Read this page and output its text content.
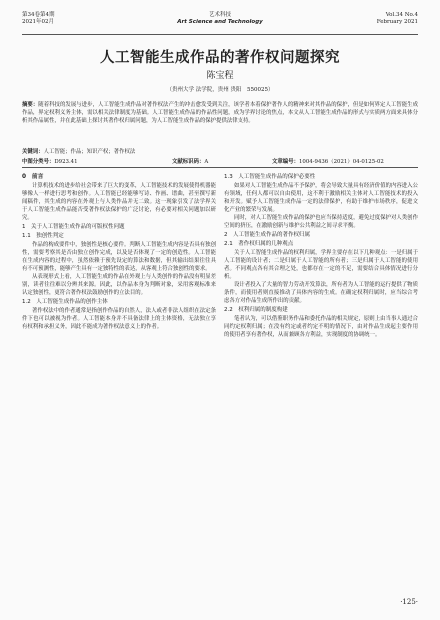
第34卷第4期
2021年02月
艺术科技
Art Science and Technology
Vol.34 No.4
February 2021
人工智能生成作品的著作权问题探究
陈宝程
（贵州大学 法学院，贵州 贵阳　550025）
摘要：随着科技的发展与进步，人工智能生成作品对著作权法产生的冲击愈发受到关注，该学者本着保护著作人的精神来对其作品的保护，但是如何界定人工智能生成作品，界定权利义务主体，需以相关法律制度为基础。人工智能生成作品的作品性问题，成为学界讨论的焦点，本文从人工智能生成作品的形式与实质两方面来具体分析其作品属性，并在此基础上探讨其著作权归属问题，为人工智能生成作品的保护提供法律支持。
关键词：人工智能；作品；知识产权；著作权法
中图分类号：D923.41	文献标识码：A	文章编号：1004-9436（2021）04-0125-02
0　前言

计算机技术的进步给社会带来了巨大的变革，人工智能技术的发展使得机器能够像人一样进行思考和创作。人工智能已经能够写诗、作画、谱曲，甚至撰写新闻稿件，其生成的内容在外观上与人类作品并无二致。这一现象引发了法学界关于人工智能生成作品能否受著作权法保护的广泛讨论，有必要对相关问题加以研究。

1　关于人工智能生成作品的可版权性问题
1.1　独创性判定

作品的构成要件中，独创性是核心要件。判断人工智能生成内容是否具有独创性，需要考察其是否由独立创作完成，以及是否体现了一定的创造性。人工智能在生成内容的过程中，虽然依赖于预先设定的算法和数据，但其输出结果往往具有不可预测性，能够产生具有一定独特性的表达，从客观上符合独创性的要求。

从表现形式上看，人工智能生成的作品在外观上与人类创作的作品没有明显差别，读者往往难以分辨其来源。因此，以作品本身为判断对象，采用客观标准来认定独创性，更符合著作权法鼓励创作的立法目的。

1.2　人工智能生成作品的创作主体

著作权法中的作者通常是指创作作品的自然人，法人或者非法人组织在法定条件下也可以被视为作者。人工智能本身并不具备法律上的主体资格，无法独立享有权利和承担义务，因此不能成为著作权法意义上的作者。

1.3　人工智能生成作品的保护必要性

如果对人工智能生成作品不予保护，将会导致大量具有经济价值的内容进入公有领域，任何人都可以自由使用，这不利于激励相关主体对人工智能技术的投入和开发。赋予人工智能生成作品一定的法律保护，有助于维护市场秩序，促进文化产业的繁荣与发展。

同时，对人工智能生成作品的保护也应当保持适度，避免过度保护对人类创作空间的挤压，在激励创新与维护公共利益之间寻求平衡。

2　人工智能生成作品的著作权归属
2.1　著作权归属的几种观点

关于人工智能生成作品的权利归属，学界主要存在以下几种观点：一是归属于人工智能的设计者；二是归属于人工智能的所有者；三是归属于人工智能的使用者。不同观点各有其合理之处，也都存在一定的不足，需要结合具体情况进行分析。

设计者投入了大量的智力劳动开发算法，所有者为人工智能的运行提供了物质条件，而使用者则直接推动了具体内容的生成。在确定权利归属时，应当综合考虑各方对作品生成所作出的贡献。

2.2　权利归属的制度构建

笔者认为，可以借鉴职务作品和委托作品的相关规定，原则上由当事人通过合同约定权利归属；在没有约定或者约定不明的情况下，由对作品生成起主要作用的使用者享有著作权，从而兼顾各方利益，实现制度的协调统一。

·125·
